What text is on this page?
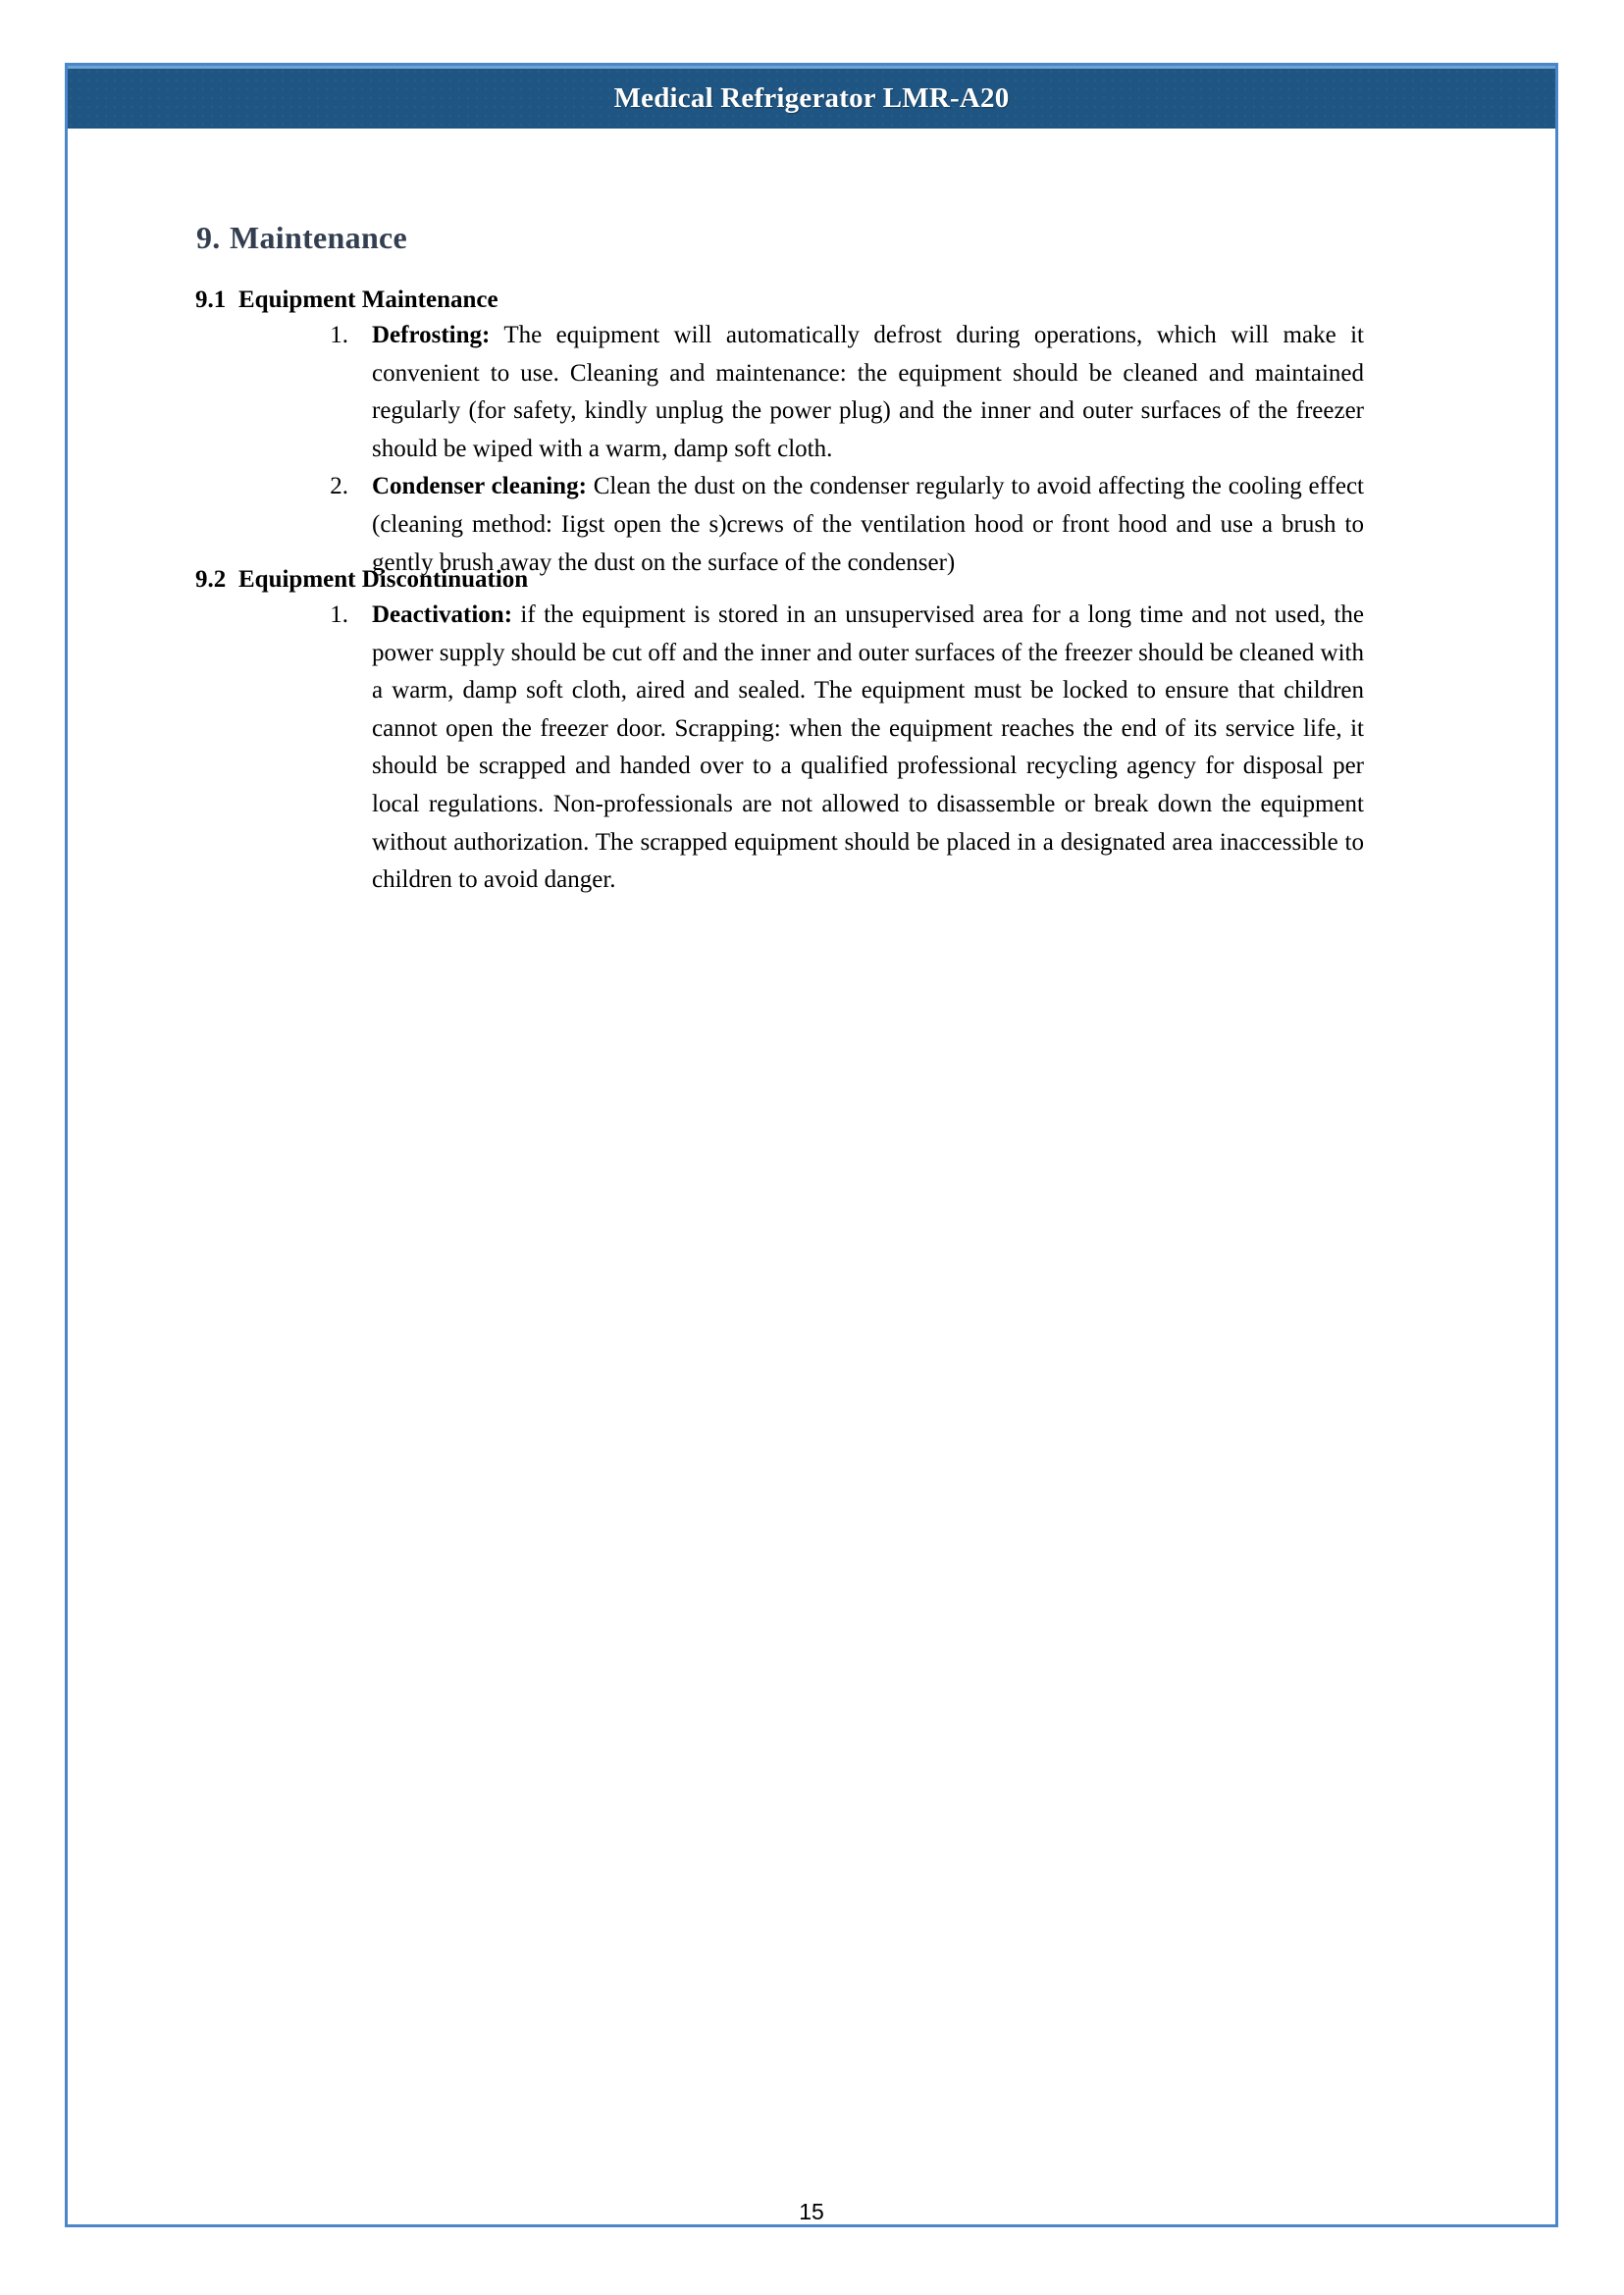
Medical Refrigerator LMR-A20
9. Maintenance
9.1 Equipment Maintenance
1. Defrosting: The equipment will automatically defrost during operations, which will make it convenient to use. Cleaning and maintenance: the equipment should be cleaned and maintained regularly (for safety, kindly unplug the power plug) and the inner and outer surfaces of the freezer should be wiped with a warm, damp soft cloth.
2. Condenser cleaning: Clean the dust on the condenser regularly to avoid affecting the cooling effect (cleaning method: Iigst open the s)crews of the ventilation hood or front hood and use a brush to gently brush away the dust on the surface of the condenser)
9.2 Equipment Discontinuation
1. Deactivation: if the equipment is stored in an unsupervised area for a long time and not used, the power supply should be cut off and the inner and outer surfaces of the freezer should be cleaned with a warm, damp soft cloth, aired and sealed. The equipment must be locked to ensure that children cannot open the freezer door. Scrapping: when the equipment reaches the end of its service life, it should be scrapped and handed over to a qualified professional recycling agency for disposal per local regulations. Non-professionals are not allowed to disassemble or break down the equipment without authorization. The scrapped equipment should be placed in a designated area inaccessible to children to avoid danger.
15
